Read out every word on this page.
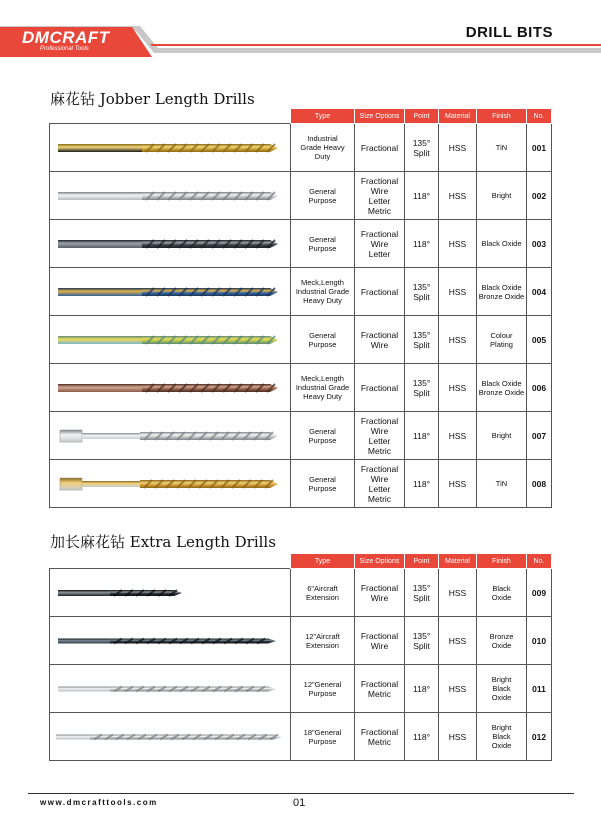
DMCRAFT
Professional Tools
DRILL BITS
麻花钻 Jobber Length Drills
	Type	Size Options	Point	Material	Finish	No.

	Industrial
Grade Heavy
Duty	Fractional	135°
Split	HSS	TiN	001

	General
Purpose	Fractional
Wire
Letter
Metric	118°	HSS	Bright	002

	General
Purpose	Fractional
Wire
Letter	118°	HSS	Black Oxide	003

	Meck,Length
Industrial Grade
Heavy Duty	Fractional	135°
Split	HSS	Black Oxide
Bronze Oxide	004

	General
Purpose	Fractional
Wire	135°
Split	HSS	Colour
Plating	005

	Meck,Length
Industrial Grade
Heavy Duty	Fractional	135°
Split	HSS	Black Oxide
Bronze Oxide	006

	General
Purpose	Fractional
Wire
Letter
Metric	118°	HSS	Bright	007

	General
Purpose	Fractional
Wire
Letter
Metric	118°	HSS	TiN	008
加长麻花钻 Extra Length Drills
	Type	Size Options	Point	Material	Finish	No.

	6"Aircraft
Extension	Fractional
Wire	135°
Split	HSS	Black
Oxide	009

	12"Aircraft
Extension	Fractional
Wire	135°
Split	HSS	Bronze
Oxide	010

	12"General
Purpose	Fractional
Metric	118°	HSS	Bright
Black
Oxide	011

	18"General
Purpose	Fractional
Metric	118°	HSS	Bright
Black
Oxide	012
www.dmcrafttools.com	01
